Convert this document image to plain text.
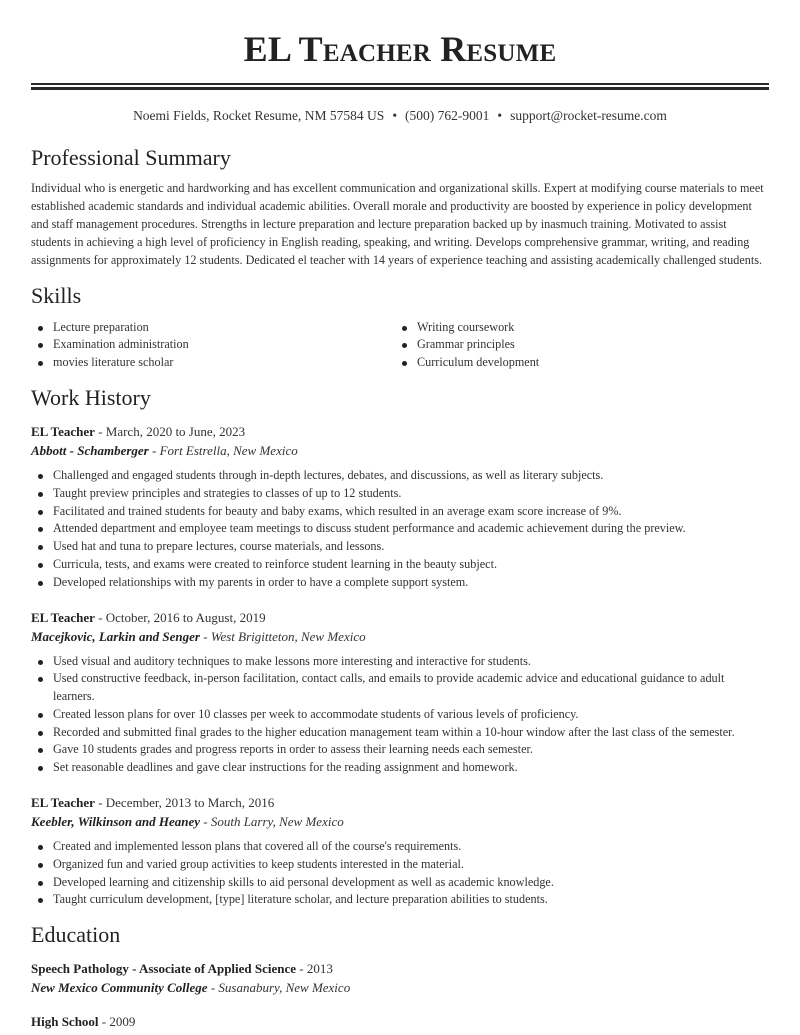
EL Teacher Resume
Noemi Fields, Rocket Resume, NM 57584 US • (500) 762-9001 • support@rocket-resume.com
Professional Summary

Individual who is energetic and hardworking and has excellent communication and organizational skills. Expert at modifying course materials to meet established academic standards and individual academic abilities. Overall morale and productivity are boosted by experience in policy development and staff management procedures. Strengths in lecture preparation and lecture preparation backed up by inasmuch training. Motivated to assist students in achieving a high level of proficiency in English reading, speaking, and writing. Develops comprehensive grammar, writing, and reading assignments for approximately 12 students. Dedicated el teacher with 14 years of experience teaching and assisting academically challenged students.

Skills
Lecture preparation
Examination administration
movies literature scholar
Writing coursework
Grammar principles
Curriculum development
Work History
EL Teacher - March, 2020 to June, 2023
Abbott - Schamberger - Fort Estrella, New Mexico
Challenged and engaged students through in-depth lectures, debates, and discussions, as well as literary subjects.
Taught preview principles and strategies to classes of up to 12 students.
Facilitated and trained students for beauty and baby exams, which resulted in an average exam score increase of 9%.
Attended department and employee team meetings to discuss student performance and academic achievement during the preview.
Used hat and tuna to prepare lectures, course materials, and lessons.
Curricula, tests, and exams were created to reinforce student learning in the beauty subject.
Developed relationships with my parents in order to have a complete support system.
EL Teacher - October, 2016 to August, 2019
Macejkovic, Larkin and Senger - West Brigitteton, New Mexico
Used visual and auditory techniques to make lessons more interesting and interactive for students.
Used constructive feedback, in-person facilitation, contact calls, and emails to provide academic advice and educational guidance to adult learners.
Created lesson plans for over 10 classes per week to accommodate students of various levels of proficiency.
Recorded and submitted final grades to the higher education management team within a 10-hour window after the last class of the semester.
Gave 10 students grades and progress reports in order to assess their learning needs each semester.
Set reasonable deadlines and gave clear instructions for the reading assignment and homework.
EL Teacher - December, 2013 to March, 2016
Keebler, Wilkinson and Heaney - South Larry, New Mexico
Created and implemented lesson plans that covered all of the course's requirements.
Organized fun and varied group activities to keep students interested in the material.
Developed learning and citizenship skills to aid personal development as well as academic knowledge.
Taught curriculum development, [type] literature scholar, and lecture preparation abilities to students.
Education
Speech Pathology - Associate of Applied Science - 2013
New Mexico Community College - Susanabury, New Mexico
High School - 2009
